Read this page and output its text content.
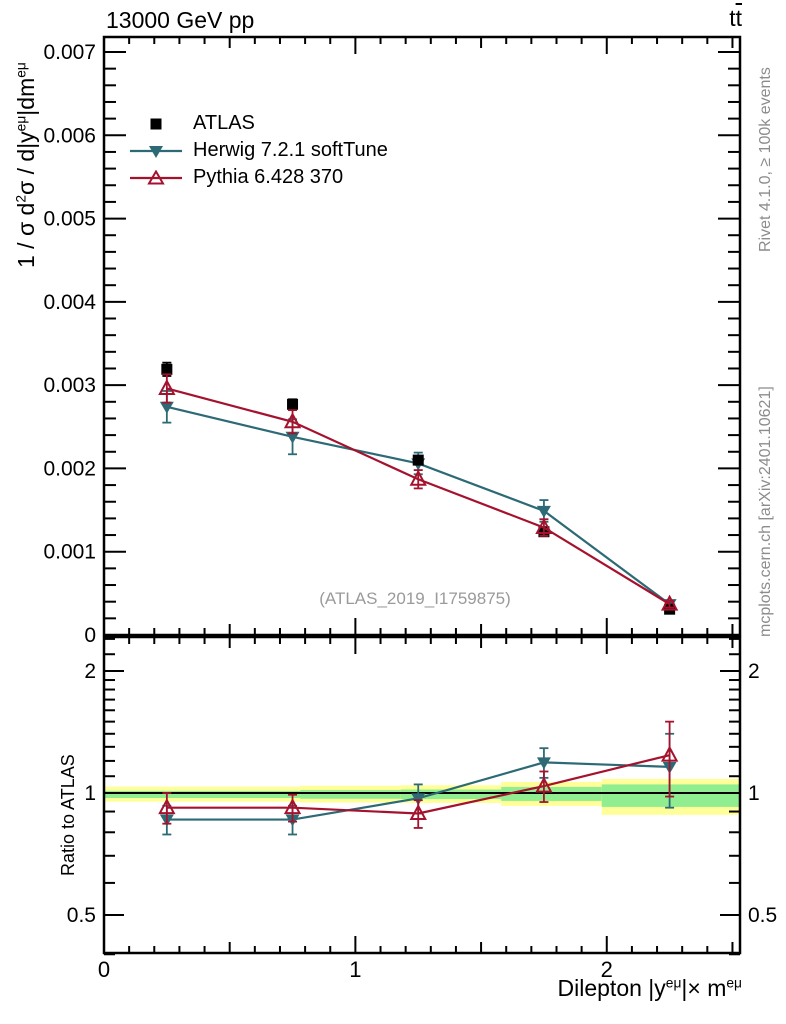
0
0.001
0.002
0.003
0.004
0.005
0.006
0.007
2	2
1	1
0.5	0.5
0	1	2
13000 GeV pp	$t\overline{t}$
1 / σ $d^2\sigma / d|y^{e\mu}|dm^{e\mu}$
Ratio to ATLAS
Rivet 4.1.0, ≥ 100k events
mcplots.cern.ch [arXiv:2401.10621]
(ATLAS_2019_I1759875)
Dilepton $|y^{e\mu}|\times m^{e\mu}$
ATLAS
Herwig 7.2.1 softTune
Pythia 6.428 370
